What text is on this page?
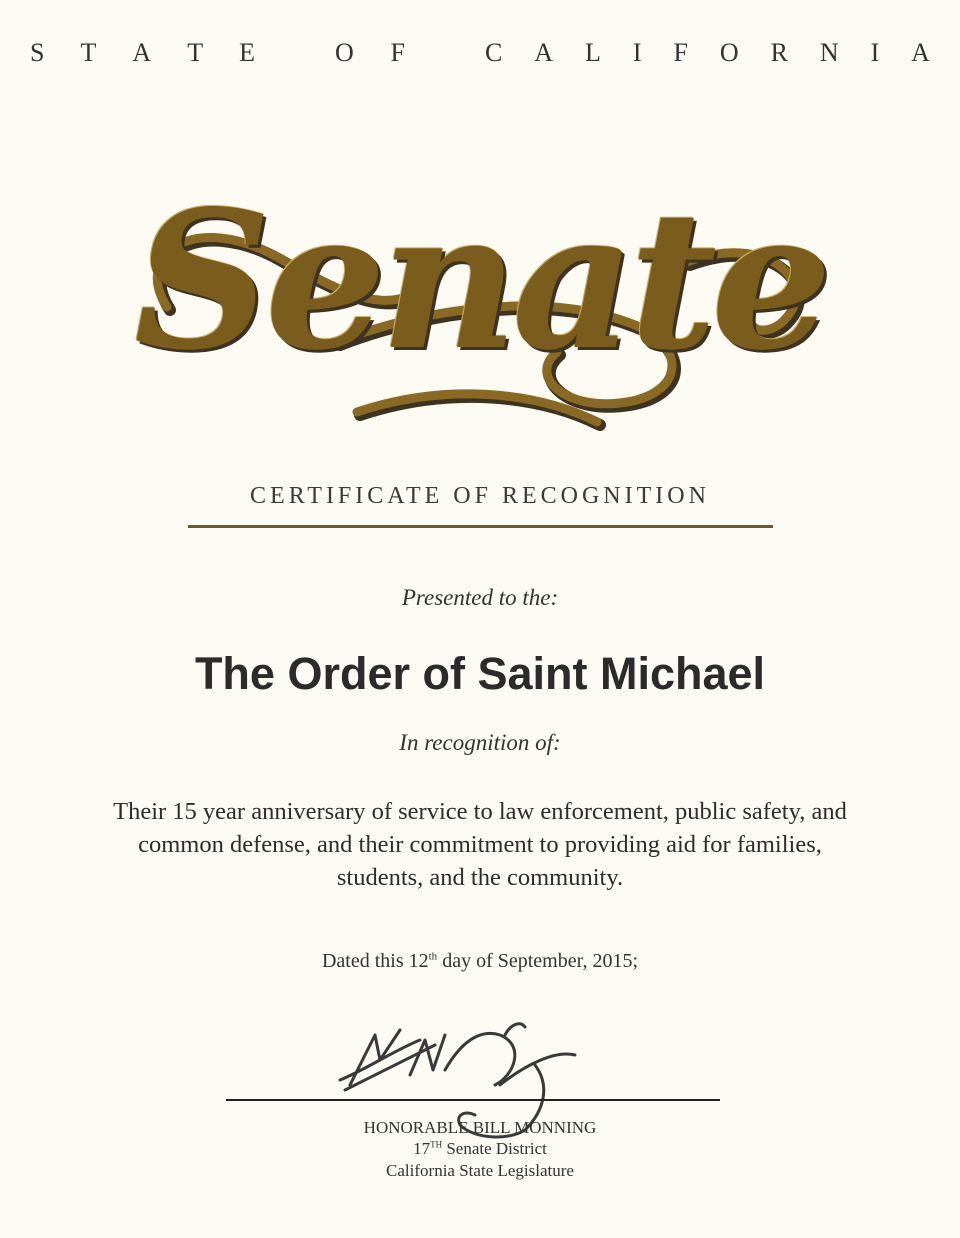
S T A T E	O F	C A L I F O R N I A
Senate
CERTIFICATE OF RECOGNITION
Presented to the:
The Order of Saint Michael
In recognition of:
Their 15 year anniversary of service to law enforcement, public safety, and
common defense, and their commitment to providing aid for families,
students, and the community.
Dated this 12th day of September, 2015;
HONORABLE BILL MONNING
17TH Senate District
California State Legislature
